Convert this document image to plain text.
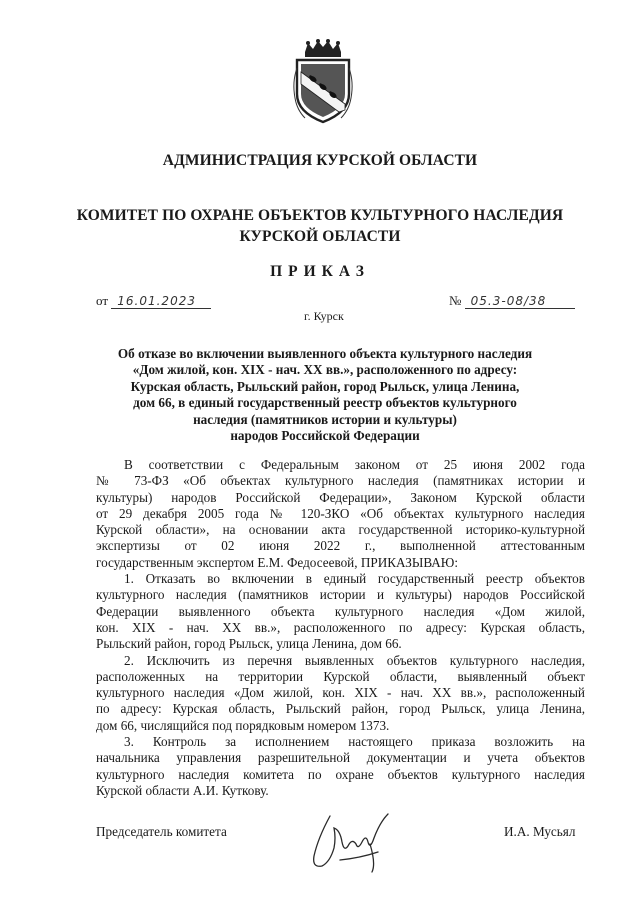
АДМИНИСТРАЦИЯ КУРСКОЙ ОБЛАСТИ
КОМИТЕТ ПО ОХРАНЕ ОБЪЕКТОВ КУЛЬТУРНОГО НАСЛЕДИЯ
КУРСКОЙ ОБЛАСТИ
ПРИКАЗ
от 16.01.2023	№ 05.3-08/38
г. Курск
Об отказе во включении выявленного объекта культурного наследия
«Дом жилой, кон. XIX - нач. XX вв.», расположенного по адресу:
Курская область, Рыльский район, город Рыльск, улица Ленина,
дом 66, в единый государственный реестр объектов культурного
наследия (памятников истории и культуры)
народов Российской Федерации
В соответствии с Федеральным законом от 25 июня 2002 года
№ 73-ФЗ «Об объектах культурного наследия (памятниках истории и
культуры) народов Российской Федерации», Законом Курской области
от 29 декабря 2005 года № 120-ЗКО «Об объектах культурного наследия
Курской области», на основании акта государственной историко-культурной
экспертизы от 02 июня 2022 г., выполненной аттестованным
государственным экспертом Е.М. Федосеевой, ПРИКАЗЫВАЮ:
1. Отказать во включении в единый государственный реестр объектов
культурного наследия (памятников истории и культуры) народов Российской
Федерации выявленного объекта культурного наследия «Дом жилой,
кон. XIX - нач. XX вв.», расположенного по адресу: Курская область,
Рыльский район, город Рыльск, улица Ленина, дом 66.
2. Исключить из перечня выявленных объектов культурного наследия,
расположенных на территории Курской области, выявленный объект
культурного наследия «Дом жилой, кон. XIX - нач. XX вв.», расположенный
по адресу: Курская область, Рыльский район, город Рыльск, улица Ленина,
дом 66, числящийся под порядковым номером 1373.
3. Контроль за исполнением настоящего приказа возложить на
начальника управления разрешительной документации и учета объектов
культурного наследия комитета по охране объектов культурного наследия
Курской области А.И. Куткову.
Председатель комитета	И.А. Мусьял
